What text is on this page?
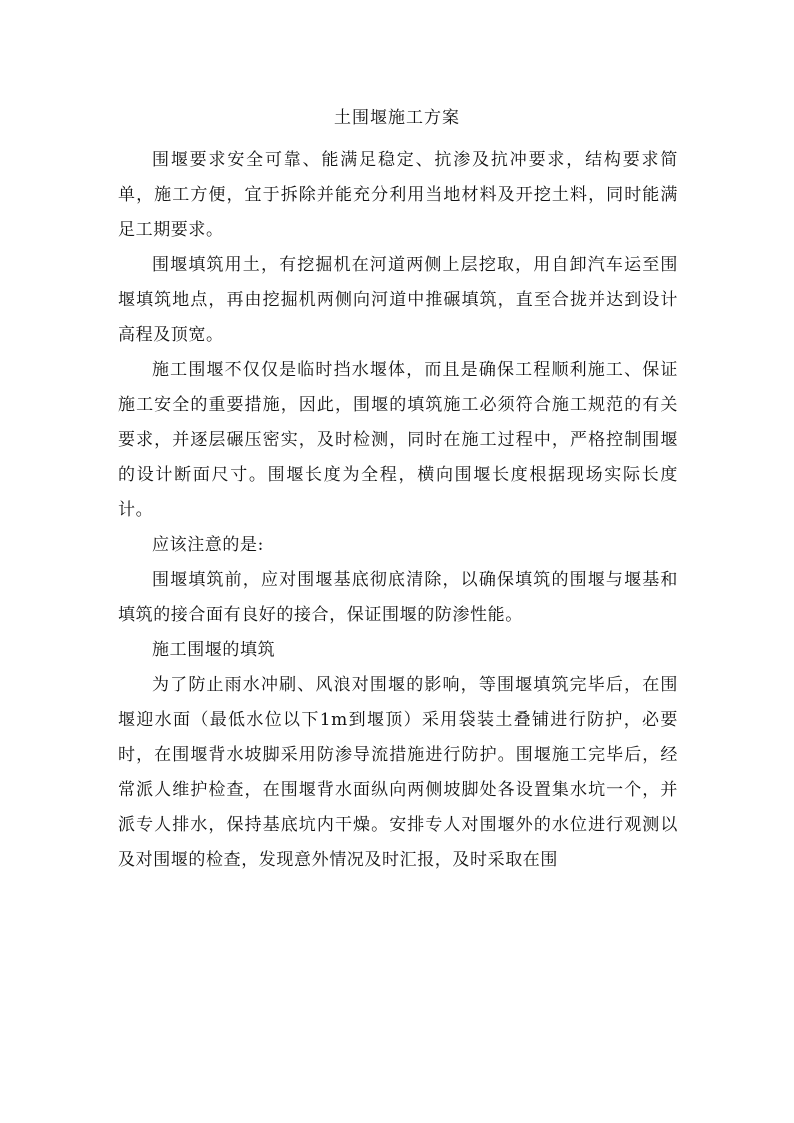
土围堰施工方案

围堰要求安全可靠、能满足稳定、抗渗及抗冲要求，结构要求简单，施工方便，宜于拆除并能充分利用当地材料及开挖土料，同时能满足工期要求。

围堰填筑用土，有挖掘机在河道两侧上层挖取，用自卸汽车运至围堰填筑地点，再由挖掘机两侧向河道中推碾填筑，直至合拢并达到设计高程及顶宽。

施工围堰不仅仅是临时挡水堰体，而且是确保工程顺利施工、保证施工安全的重要措施，因此，围堰的填筑施工必须符合施工规范的有关要求，并逐层碾压密实，及时检测，同时在施工过程中，严格控制围堰的设计断面尺寸。围堰长度为全程，横向围堰长度根据现场实际长度计。

应该注意的是:

围堰填筑前，应对围堰基底彻底清除，以确保填筑的围堰与堰基和填筑的接合面有良好的接合，保证围堰的防渗性能。

施工围堰的填筑

为了防止雨水冲刷、风浪对围堰的影响，等围堰填筑完毕后，在围堰迎水面（最低水位以下1m到堰顶）采用袋装土叠铺进行防护，必要时，在围堰背水坡脚采用防渗导流措施进行防护。围堰施工完毕后，经常派人维护检查，在围堰背水面纵向两侧坡脚处各设置集水坑一个，并派专人排水，保持基底坑内干燥。安排专人对围堰外的水位进行观测以及对围堰的检查，发现意外情况及时汇报，及时采取在围
